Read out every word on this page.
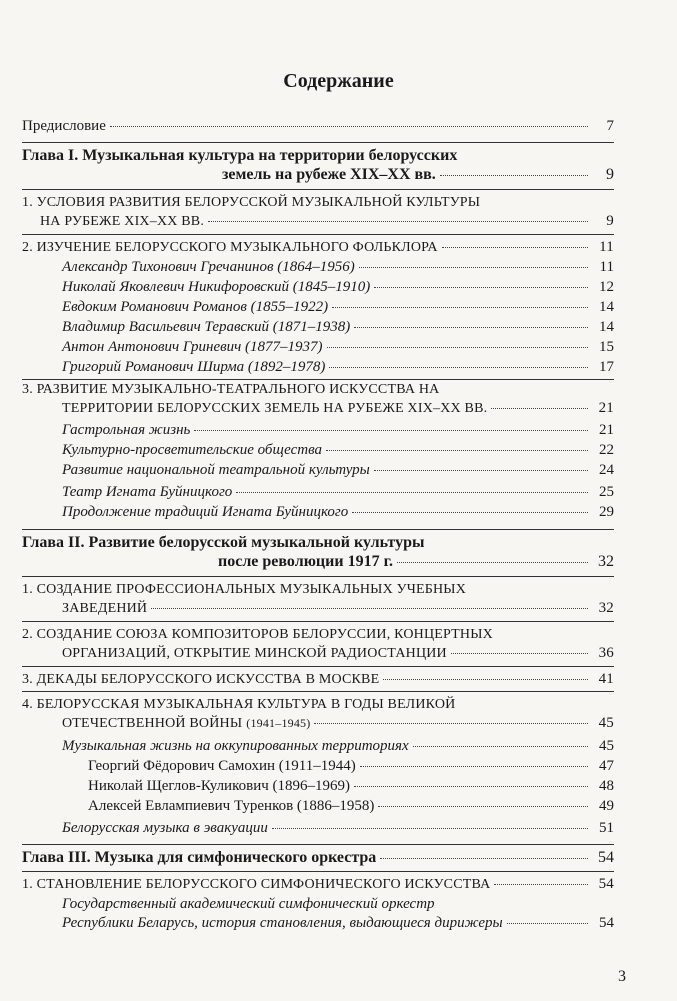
Содержание
Предисловие	7
Глава I. Музыкальная культура на территории белорусских
земель на рубеже XIX–XX вв.	9
1. УСЛОВИЯ РАЗВИТИЯ БЕЛОРУССКОЙ МУЗЫКАЛЬНОЙ КУЛЬТУРЫ
НА РУБЕЖЕ XIX–XX ВВ.	9
2. ИЗУЧЕНИЕ БЕЛОРУССКОГО МУЗЫКАЛЬНОГО ФОЛЬКЛОРА	11
Александр Тихонович Гречанинов (1864–1956)	11
Николай Яковлевич Никифоровский (1845–1910)	12
Евдоким Романович Романов (1855–1922)	14
Владимир Васильевич Теравский (1871–1938)	14
Антон Антонович Гриневич (1877–1937)	15
Григорий Романович Ширма (1892–1978)	17
3. РАЗВИТИЕ МУЗЫКАЛЬНО-ТЕАТРАЛЬНОГО ИСКУССТВА НА
ТЕРРИТОРИИ БЕЛОРУССКИХ ЗЕМЕЛЬ НА РУБЕЖЕ XIX–XX ВВ.	21
Гастрольная жизнь	21
Культурно-просветительские общества	22
Развитие национальной театральной культуры	24
Театр Игната Буйницкого	25
Продолжение традиций Игната Буйницкого	29
Глава II. Развитие белорусской музыкальной культуры
после революции 1917 г.	32
1. СОЗДАНИЕ ПРОФЕССИОНАЛЬНЫХ МУЗЫКАЛЬНЫХ УЧЕБНЫХ
ЗАВЕДЕНИЙ	32
2. СОЗДАНИЕ СОЮЗА КОМПОЗИТОРОВ БЕЛОРУССИИ, КОНЦЕРТНЫХ
ОРГАНИЗАЦИЙ, ОТКРЫТИЕ МИНСКОЙ РАДИОСТАНЦИИ	36
3. ДЕКАДЫ БЕЛОРУССКОГО ИСКУССТВА В МОСКВЕ	41
4. БЕЛОРУССКАЯ МУЗЫКАЛЬНАЯ КУЛЬТУРА В ГОДЫ ВЕЛИКОЙ
ОТЕЧЕСТВЕННОЙ ВОЙНЫ (1941–1945)	45
Музыкальная жизнь на оккупированных территориях	45
Георгий Фёдорович Самохин (1911–1944)	47
Николай Щеглов-Куликович (1896–1969)	48
Алексей Евлампиевич Туренков (1886–1958)	49
Белорусская музыка в эвакуации	51
Глава III. Музыка для симфонического оркестра	54
1. СТАНОВЛЕНИЕ БЕЛОРУССКОГО СИМФОНИЧЕСКОГО ИСКУССТВА	54
Государственный академический симфонический оркестр
Республики Беларусь, история становления, выдающиеся дирижеры	54
3
